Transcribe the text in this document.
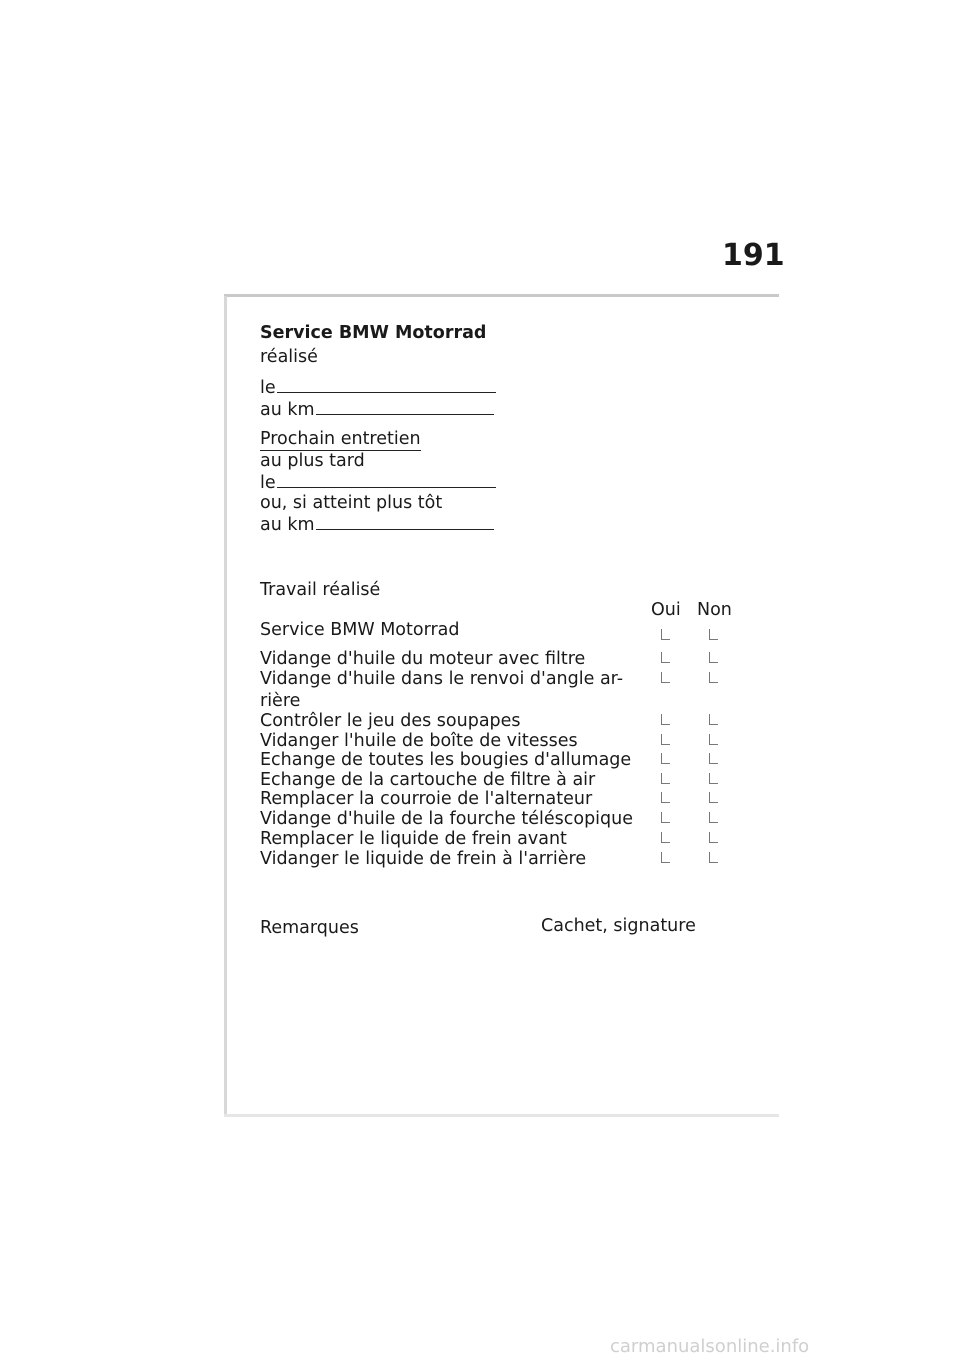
191
Service BMW Motorrad
réalisé
le
au km
Prochain entretien
au plus tard
le
ou, si atteint plus tôt
au km
Travail réalisé
Oui Non
Service BMW Motorrad
Vidange d'huile du moteur avec filtre
Vidange d'huile dans le renvoi d'angle ar-
rière
Contrôler le jeu des soupapes
Vidanger l'huile de boîte de vitesses
Echange de toutes les bougies d'allumage
Echange de la cartouche de filtre à air
Remplacer la courroie de l'alternateur
Vidange d'huile de la fourche téléscopique
Remplacer le liquide de frein avant
Vidanger le liquide de frein à l'arrière
Remarques	Cachet, signature
carmanualsonline.info
